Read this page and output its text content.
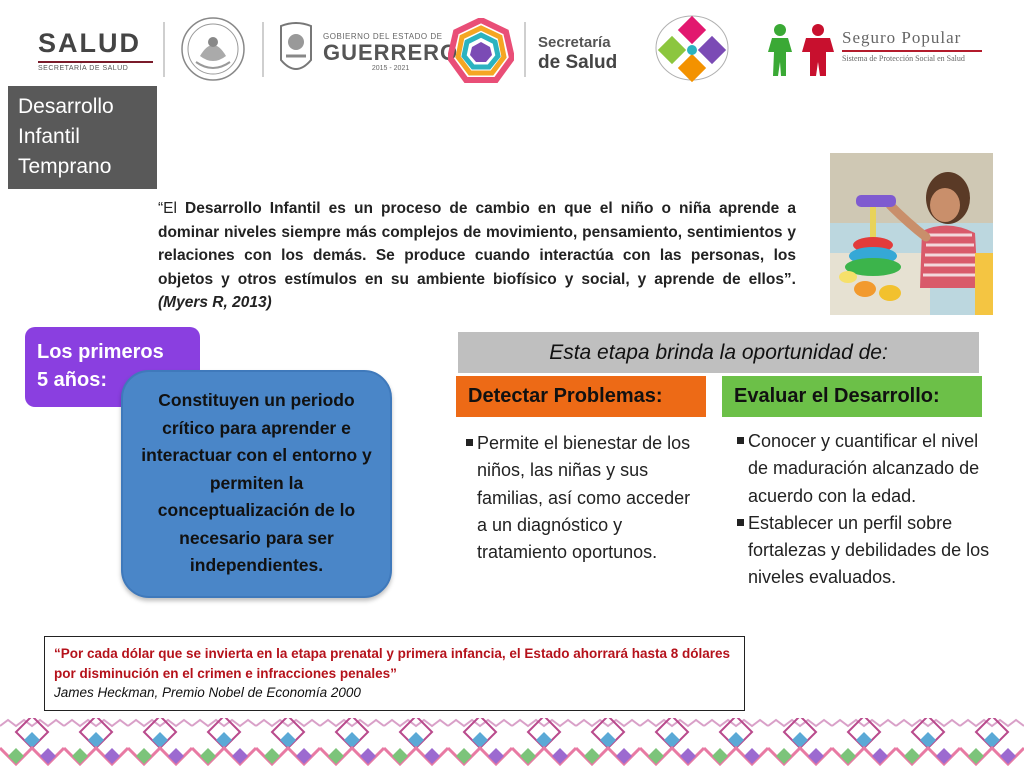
SALUD
SECRETARÍA DE SALUD
GOBIERNO DEL ESTADO DE
GUERRERO
2015 - 2021
Secretaría
de Salud
Seguro Popular
Sistema de Protección Social en Salud
Desarrollo
Infantil
Temprano

“El Desarrollo Infantil es un proceso de cambio en que el niño o niña aprende a dominar niveles siempre más complejos de movimiento, pensamiento, sentimientos y relaciones con los demás. Se produce cuando interactúa con las personas, los objetos y otros estímulos en su ambiente biofísico y social, y aprende de ellos”. (Myers R, 2013)

Los primeros
5 años:
Constituyen un periodo crítico para aprender e interactuar con el entorno y permiten la conceptualización de lo necesario para ser independientes.
Esta etapa brinda la oportunidad de:
Detectar Problemas:	Evaluar el Desarrollo:
Permite el bienestar de los niños, las niñas y sus familias, así como acceder a un diagnóstico y tratamiento oportunos.
Conocer y cuantificar el nivel de maduración alcanzado de acuerdo con la edad.
Establecer un perfil sobre fortalezas y debilidades de los niveles evaluados.
“Por cada dólar que se invierta en la etapa prenatal y primera infancia, el Estado ahorrará hasta 8 dólares por disminución en el crimen e infracciones penales”
James Heckman, Premio Nobel de Economía 2000
